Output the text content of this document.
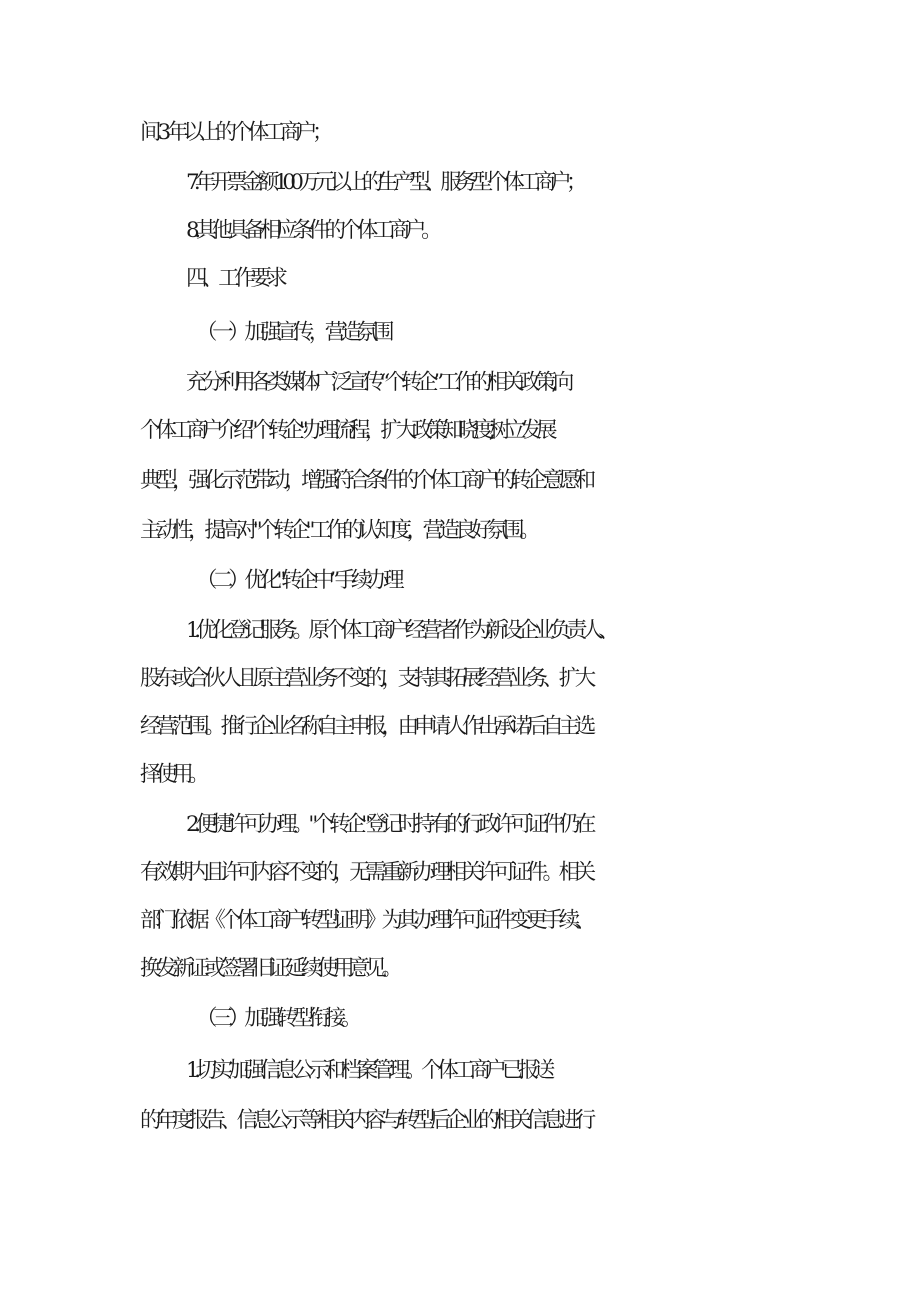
间 3 年以上的个体工商户；
7.年开票金额 100 万元以上的生产型、服务型个体工商户；
8.其他具备相应条件的个体工商户。
四、工作要求
（一）加强宣传，营造氛围
充分利用各类媒体广泛宣传“个转企”工作的相关政策,向
个体工商户介绍"个转企"办理流程，扩大政策知晓度,树立发展
典型，强化示范带动，增强符合条件的个体工商户的转企意愿和
主动性，提高对"个转企"工作的认知度，营造良好氛围。
（二）优化"转企中”手续办理
1.优化登记服务。原个体工商户经营者作为新设企业负责人、
股东或合伙人且原主营业务不变的，支持其拓展经营业务、扩大
经营范围。推行企业名称自主申报，由申请人作出承诺后自主选
择使用。
2.便捷许可办理。"个转企"登记时持有的行政许可证件仍在
有效期内且许可内容不变的，无需重新办理相关许可证件。相关
部门依据《个体工商户转型证明》为其办理许可证件变更手续、
换发新证或签署旧证延续使用意见。
（三）加强转型衔接。
1.切实加强信息公示和档案管理。个体工商户已报送
的年度报告、信息公示等相关内容与转型后企业的相关信息进行
